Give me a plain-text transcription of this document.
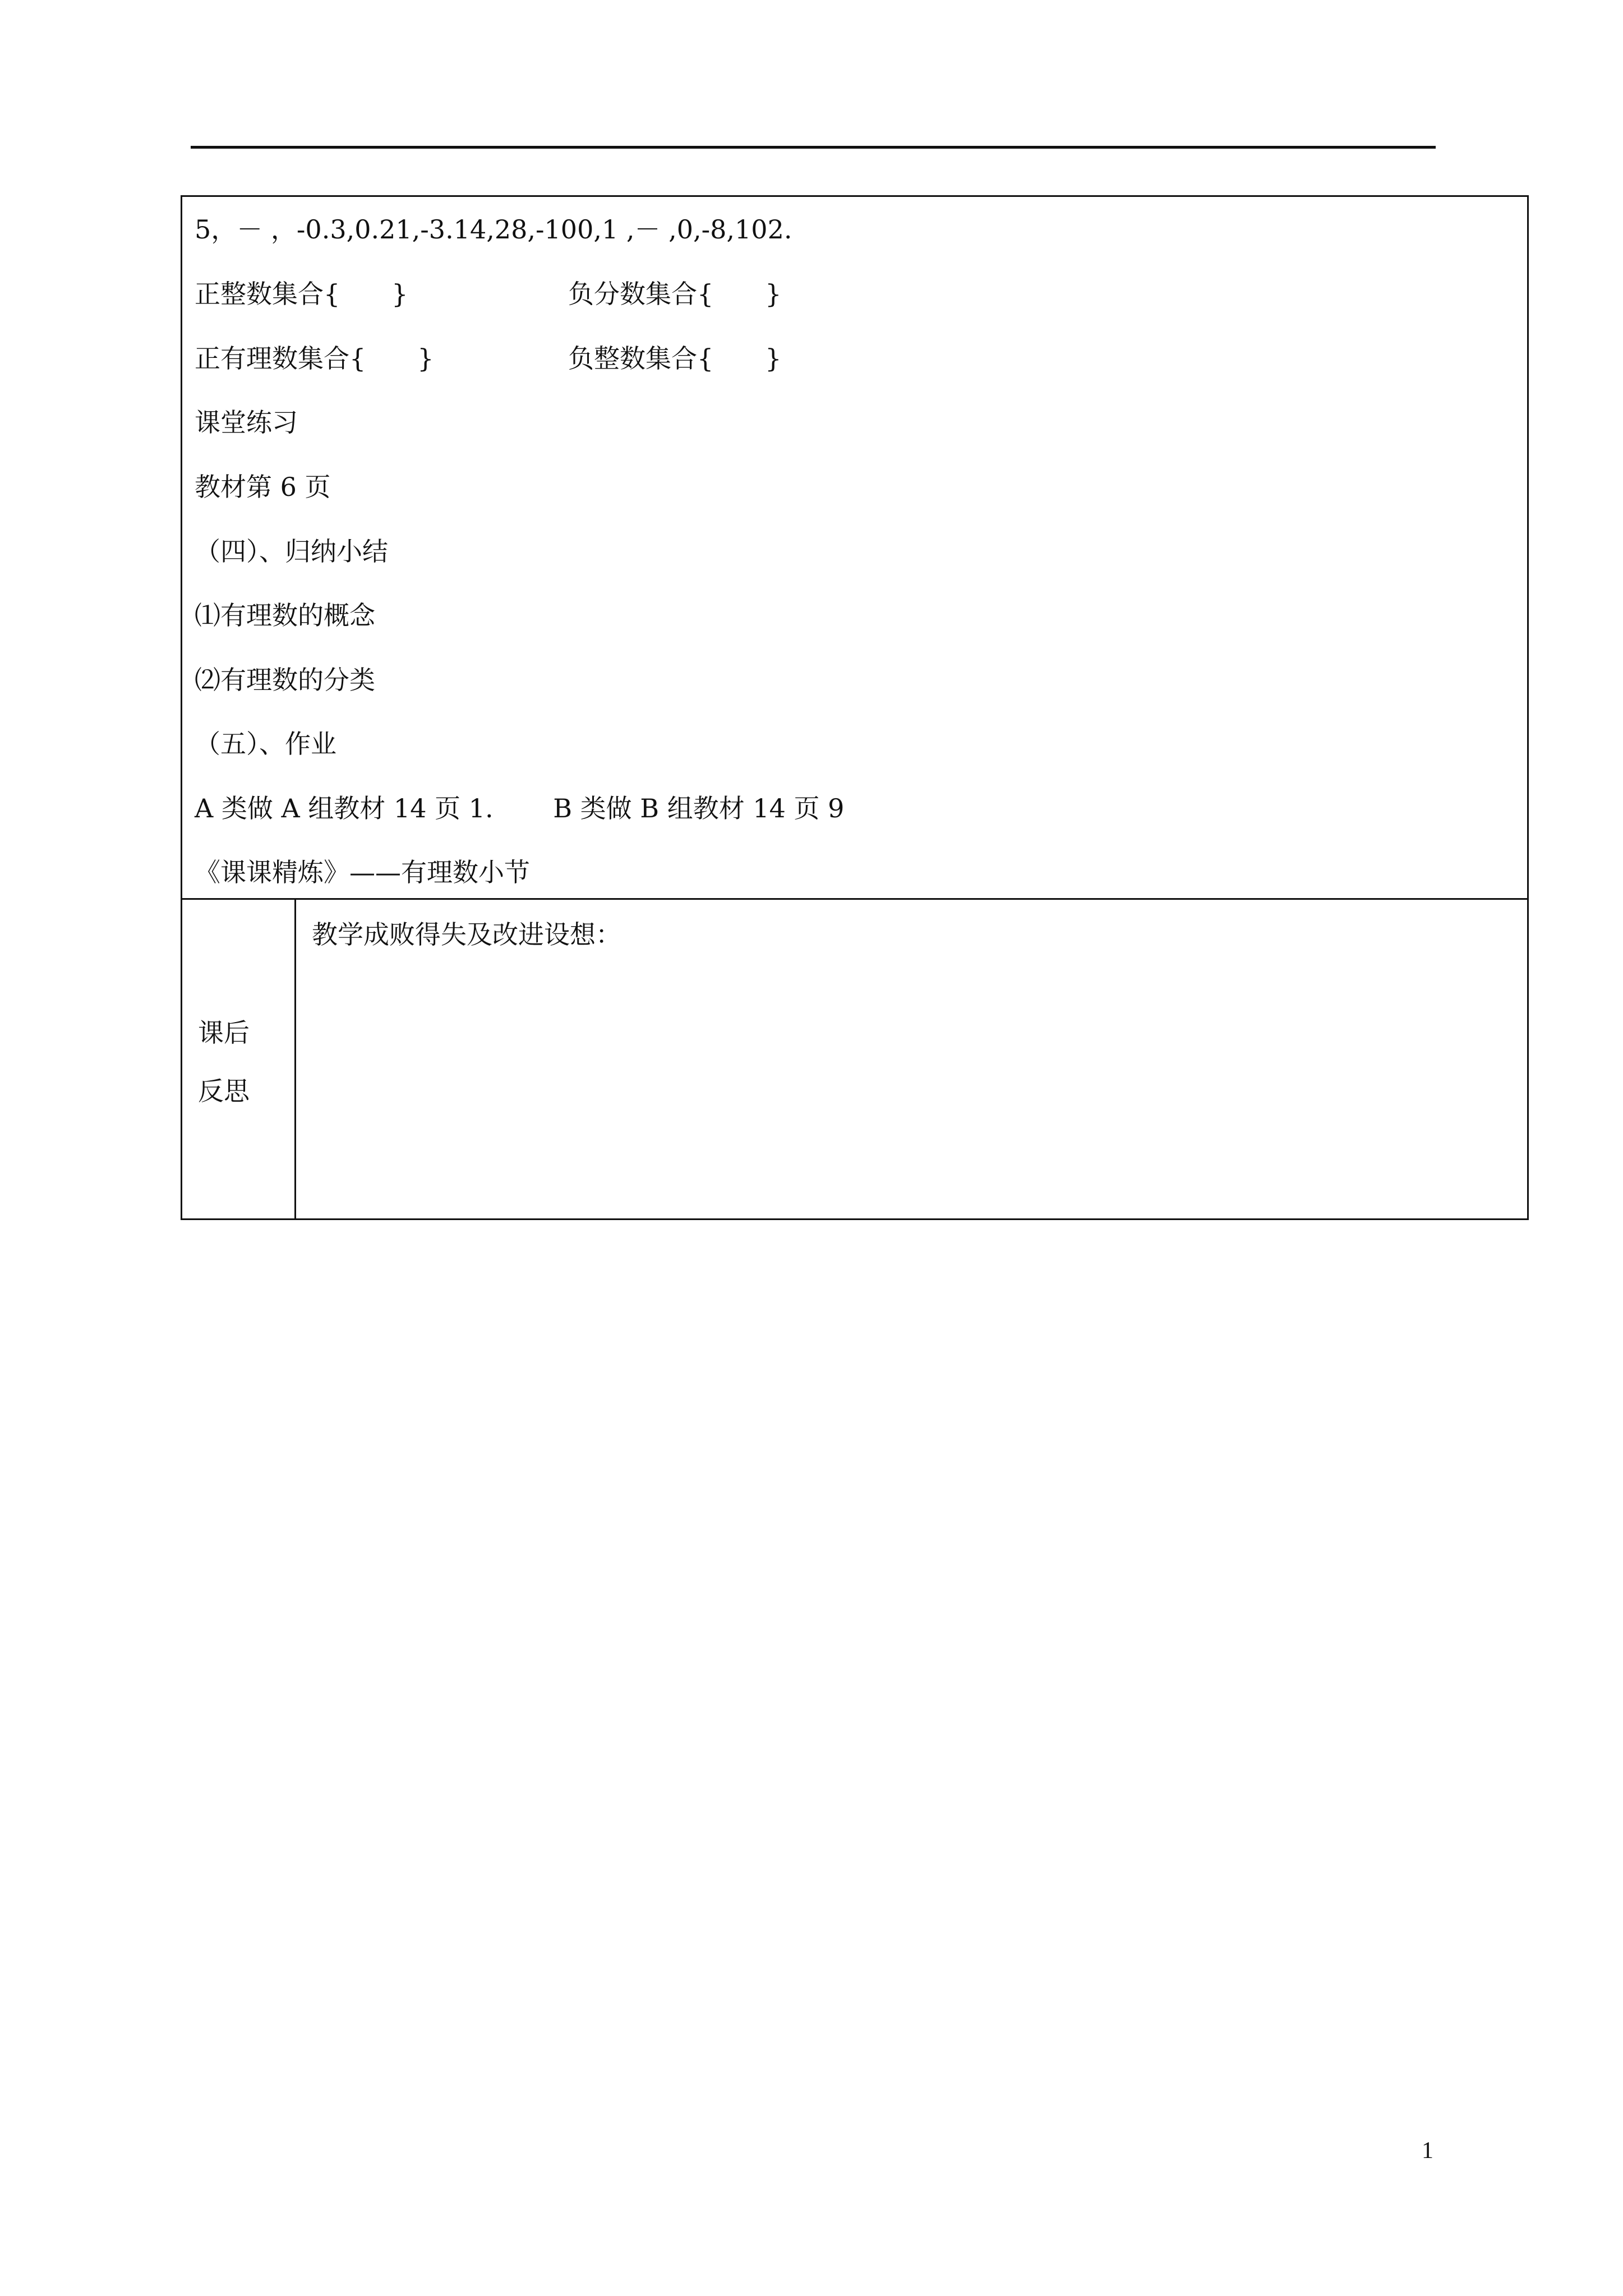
5，－ ，-0.3,0.21,-3.14,28,-100,1 ,－ ,0,-8,102.
正整数集合{　　}	负分数集合{　　}
正有理数集合{　　}	负整数集合{　　}
课堂练习
教材第 6 页
（四）、归纳小结
⑴有理数的概念
⑵有理数的分类
（五）、作业
A 类做 A 组教材 14 页 1.　　 B 类做 B 组教材 14 页 9
《课课精炼》——有理数小节
课后
反思
教学成败得失及改进设想：
1
